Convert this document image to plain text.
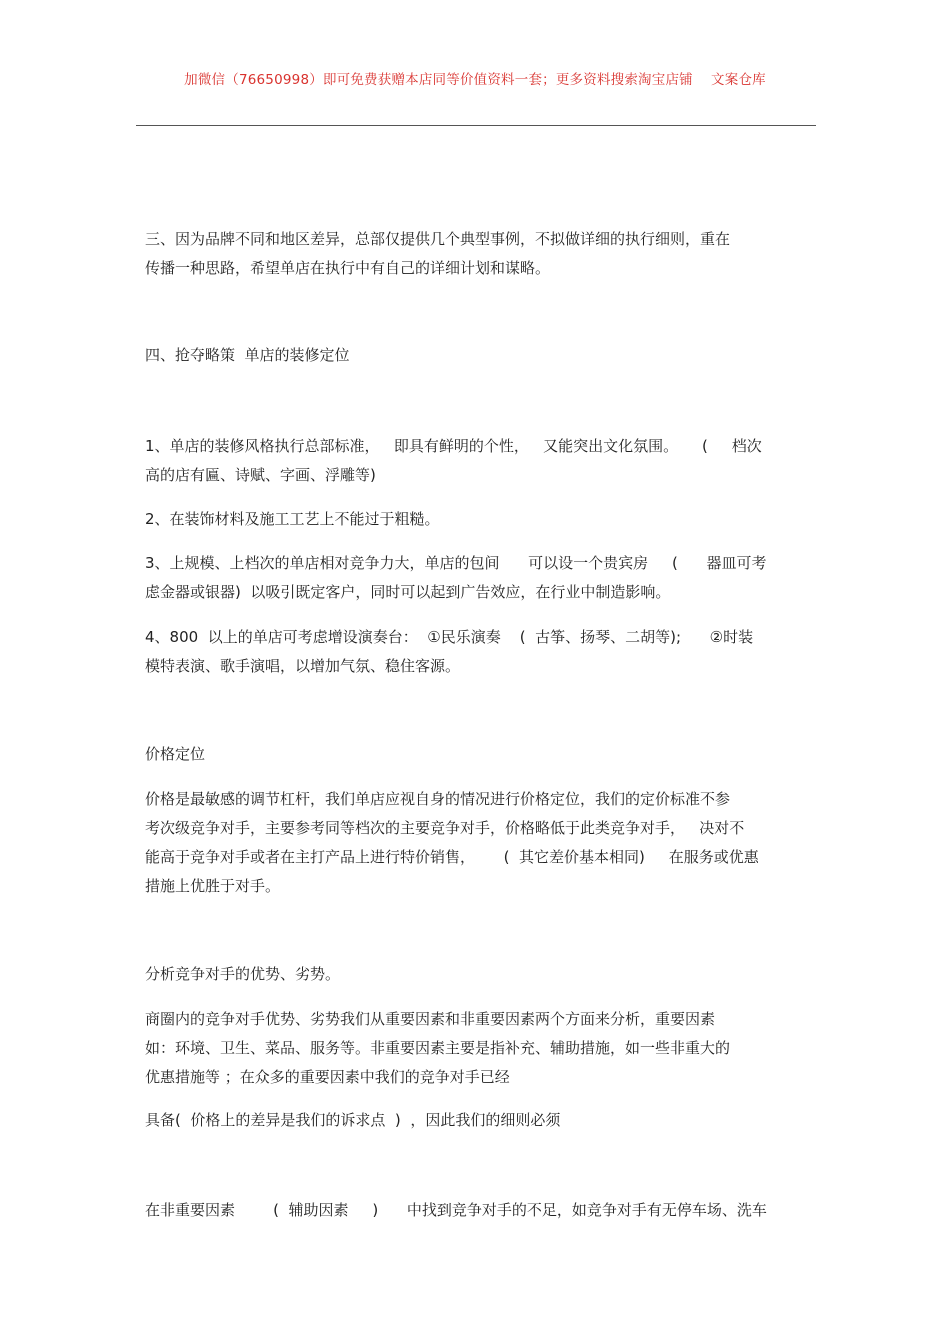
加微信（76650998）即可免费获赠本店同等价值资料一套；更多资料搜索淘宝店铺　 文案仓库
三、因为品牌不同和地区差异，总部仅提供几个典型事例，不拟做详细的执行细则，重在
传播一种思路，希望单店在执行中有自己的详细计划和谋略。
四、抢夺略策  单店的装修定位
1、单店的装修风格执行总部标准，   即具有鲜明的个性，   又能突出文化氛围。     (     档次
高的店有匾、诗赋、字画、浮雕等)
2、在装饰材料及施工工艺上不能过于粗糙。
3、上规模、上档次的单店相对竞争力大，单店的包间      可以设一个贵宾房     (      器皿可考
虑金器或银器)  以吸引既定客户，同时可以起到广告效应，在行业中制造影响。
4、800  以上的单店可考虑增设演奏台：  ①民乐演奏    (  古筝、扬琴、二胡等);      ②时装
模特表演、歌手演唱，以增加气氛、稳住客源。
价格定位
价格是最敏感的调节杠杆，我们单店应视自身的情况进行价格定位，我们的定价标准不参
考次级竞争对手，主要参考同等档次的主要竞争对手，价格略低于此类竞争对手，   决对不
能高于竞争对手或者在主打产品上进行特价销售，      (  其它差价基本相同)     在服务或优惠
措施上优胜于对手。
分析竞争对手的优势、劣势。
商圈内的竞争对手优势、劣势我们从重要因素和非重要因素两个方面来分析，重要因素
如：环境、卫生、菜品、服务等。非重要因素主要是指补充、辅助措施，如一些非重大的
优惠措施等 ；在众多的重要因素中我们的竞争对手已经
具备(  价格上的差异是我们的诉求点  )  ，因此我们的细则必须
在非重要因素        (  辅助因素     )      中找到竞争对手的不足，如竞争对手有无停车场、洗车
